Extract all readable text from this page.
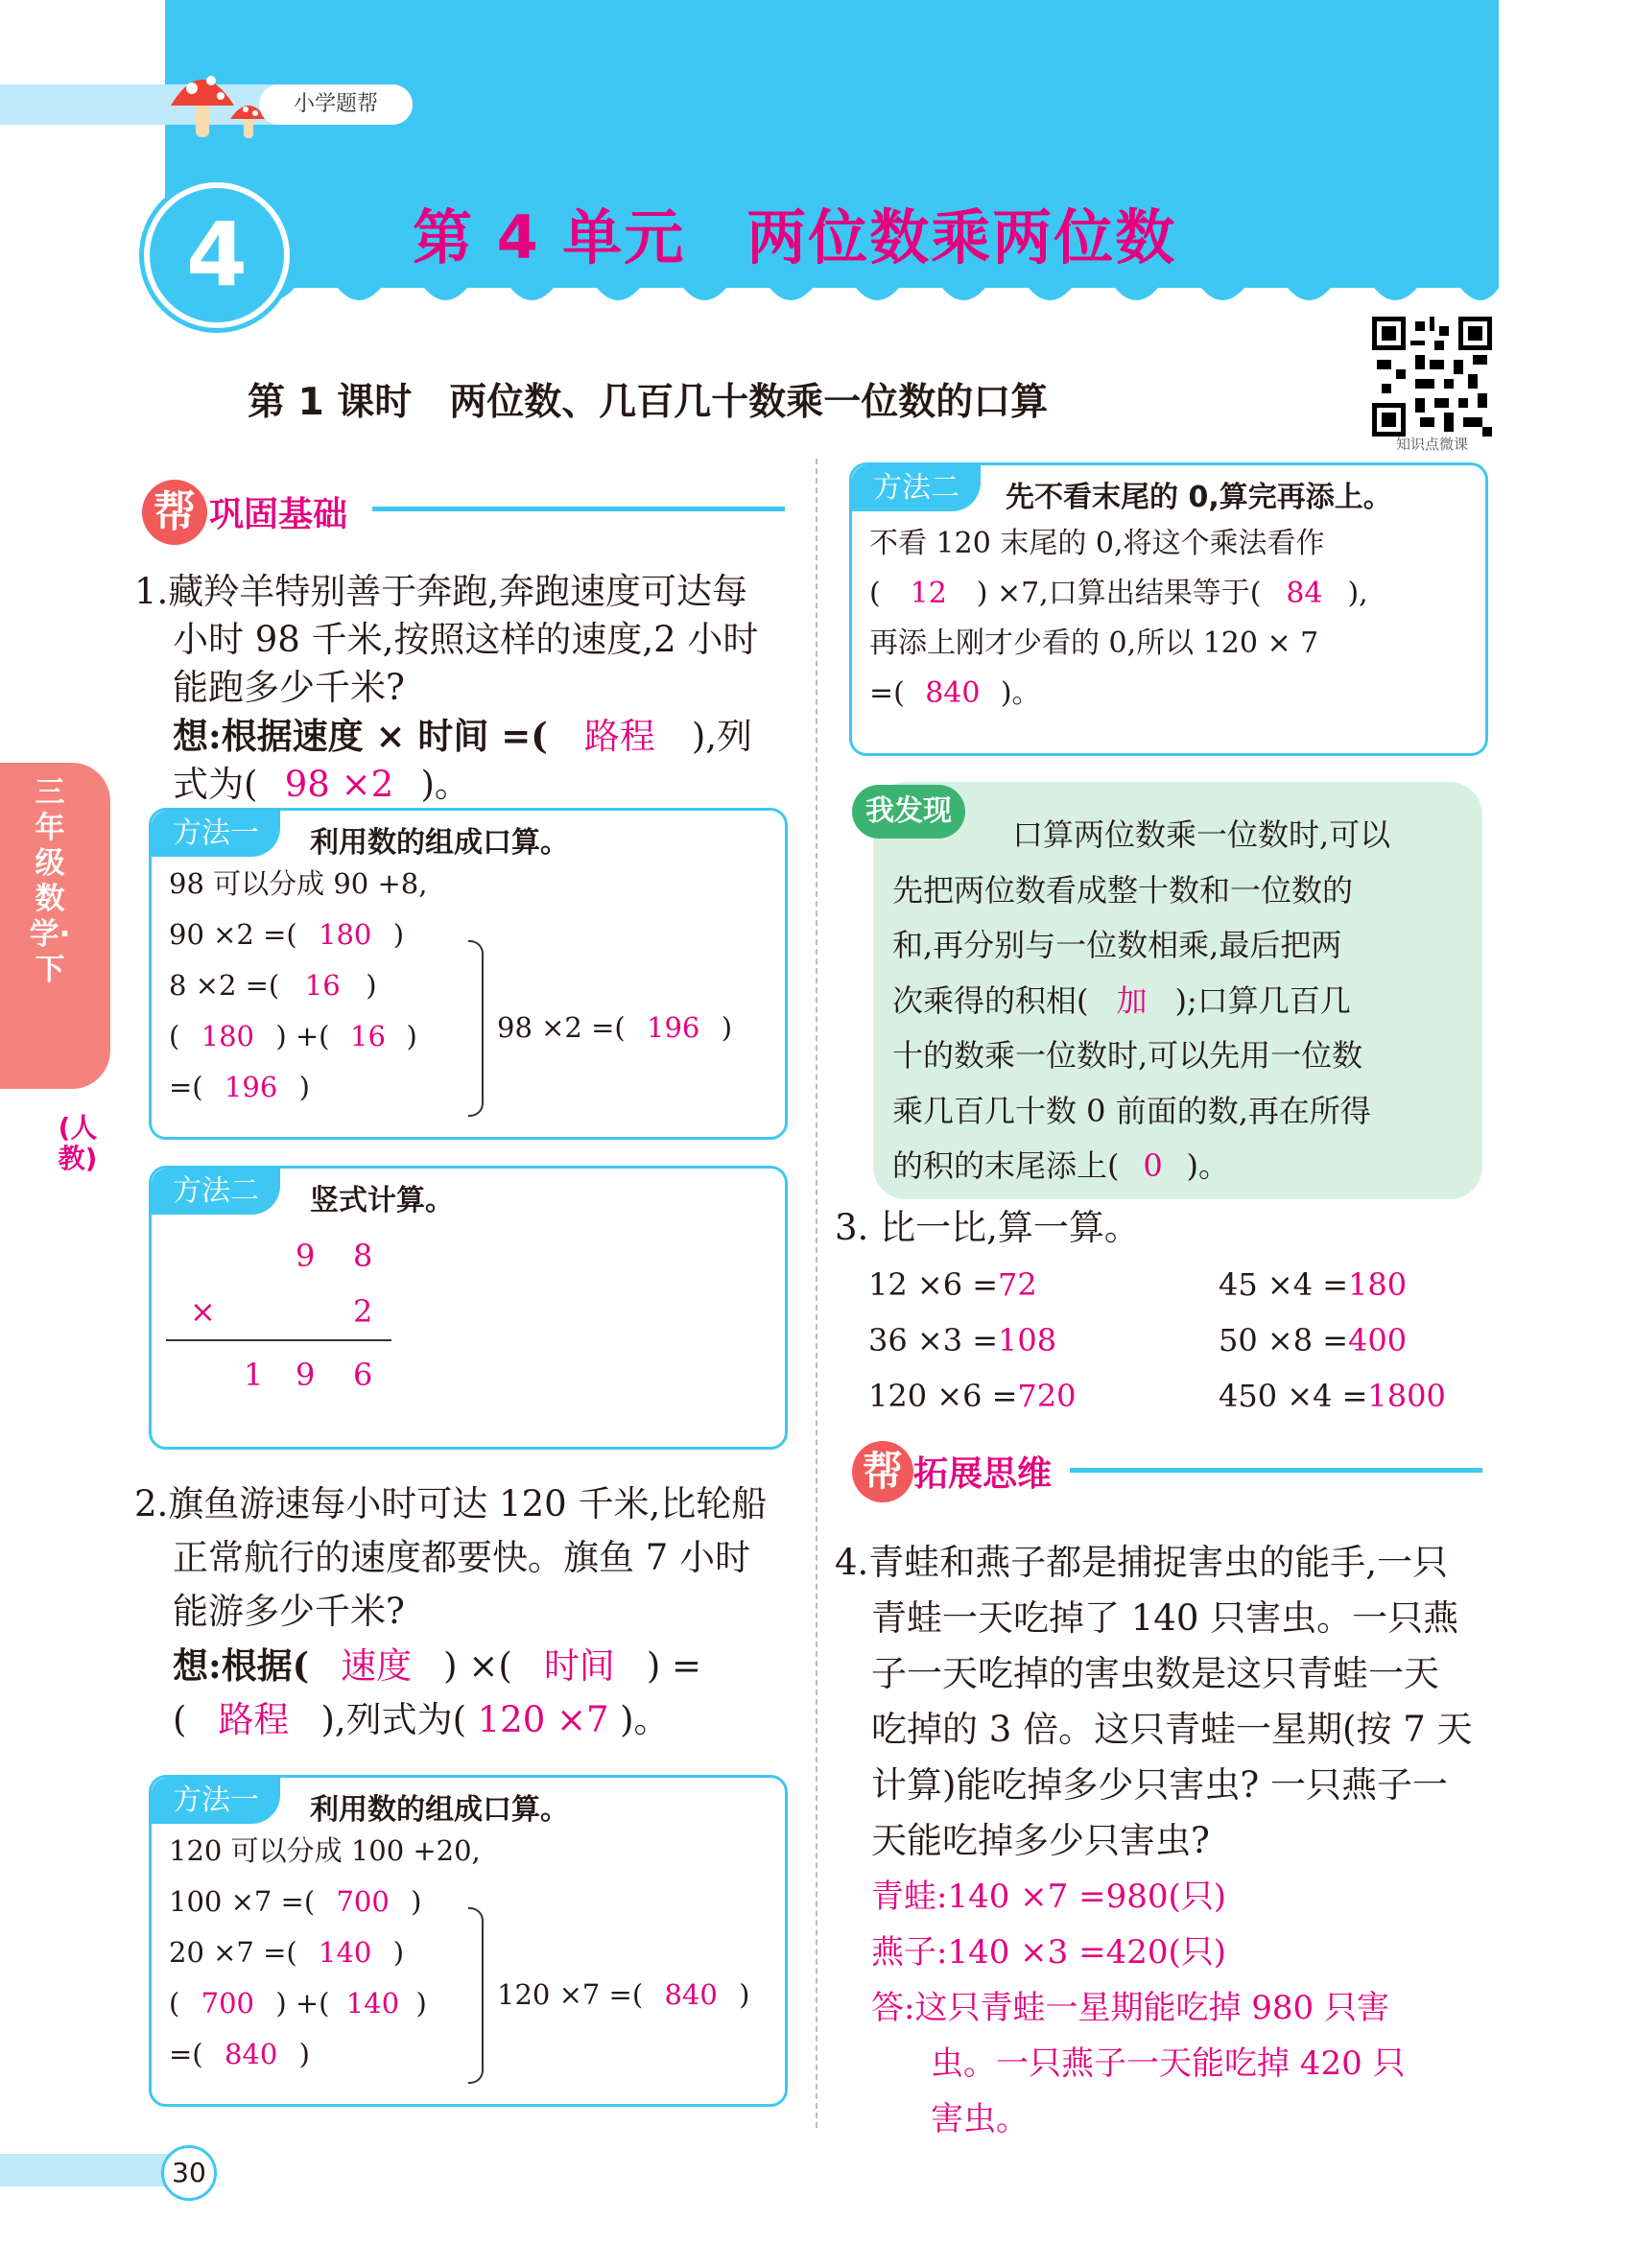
小学题帮
4	第 4 单元　两位数乘两位数
第 1 课时　两位数、几百几十数乘一位数的口算
知识点微课
三年级数学·下
(人教)
帮 巩固基础
1.藏羚羊特别善于奔跑,奔跑速度可达每
小时 98 千米,按照这样的速度,2 小时
能跑多少千米?
想:根据速度 × 时间 =( 路程 ),列
式为( 98 ×2 )。
方法一	利用数的组成口算。
98 可以分成 90 +8,
90 ×2 =( 180 )
8 ×2 =( 16 )
( 180 ) +( 16 )
=( 196 )
98 ×2 =( 196 )
方法二	竖式计算。
9 8
×	2
1 9 6
2.旗鱼游速每小时可达 120 千米,比轮船
正常航行的速度都要快。旗鱼 7 小时
能游多少千米?
想:根据( 速度 ) ×( 时间 ) =
( 路程 ),列式为( 120 ×7 )。
方法一	利用数的组成口算。
120 可以分成 100 +20,
100 ×7 =( 700 )
20 ×7 =( 140 )
( 700 ) +( 140 )
=( 840 )
120 ×7 =( 840 )
方法二	先不看末尾的 0,算完再添上。
不看 120 末尾的 0,将这个乘法看作
( 12 ) ×7,口算出结果等于( 84 ),
再添上刚才少看的 0,所以 120 × 7
=( 840 )。
我发现
口算两位数乘一位数时,可以
先把两位数看成整十数和一位数的
和,再分别与一位数相乘,最后把两
次乘得的积相( 加 );口算几百几
十的数乘一位数时,可以先用一位数
乘几百几十数 0 前面的数,再在所得
的积的末尾添上( 0 )。
3. 比一比,算一算。
12 ×6 =72	45 ×4 =180
36 ×3 =108	50 ×8 =400
120 ×6 =720	450 ×4 =1800
帮 拓展思维
4.青蛙和燕子都是捕捉害虫的能手,一只
青蛙一天吃掉了 140 只害虫。一只燕
子一天吃掉的害虫数是这只青蛙一天
吃掉的 3 倍。这只青蛙一星期(按 7 天
计算)能吃掉多少只害虫? 一只燕子一
天能吃掉多少只害虫?
青蛙:140 ×7 =980(只)
燕子:140 ×3 =420(只)
答:这只青蛙一星期能吃掉 980 只害
虫。一只燕子一天能吃掉 420 只
害虫。
30
